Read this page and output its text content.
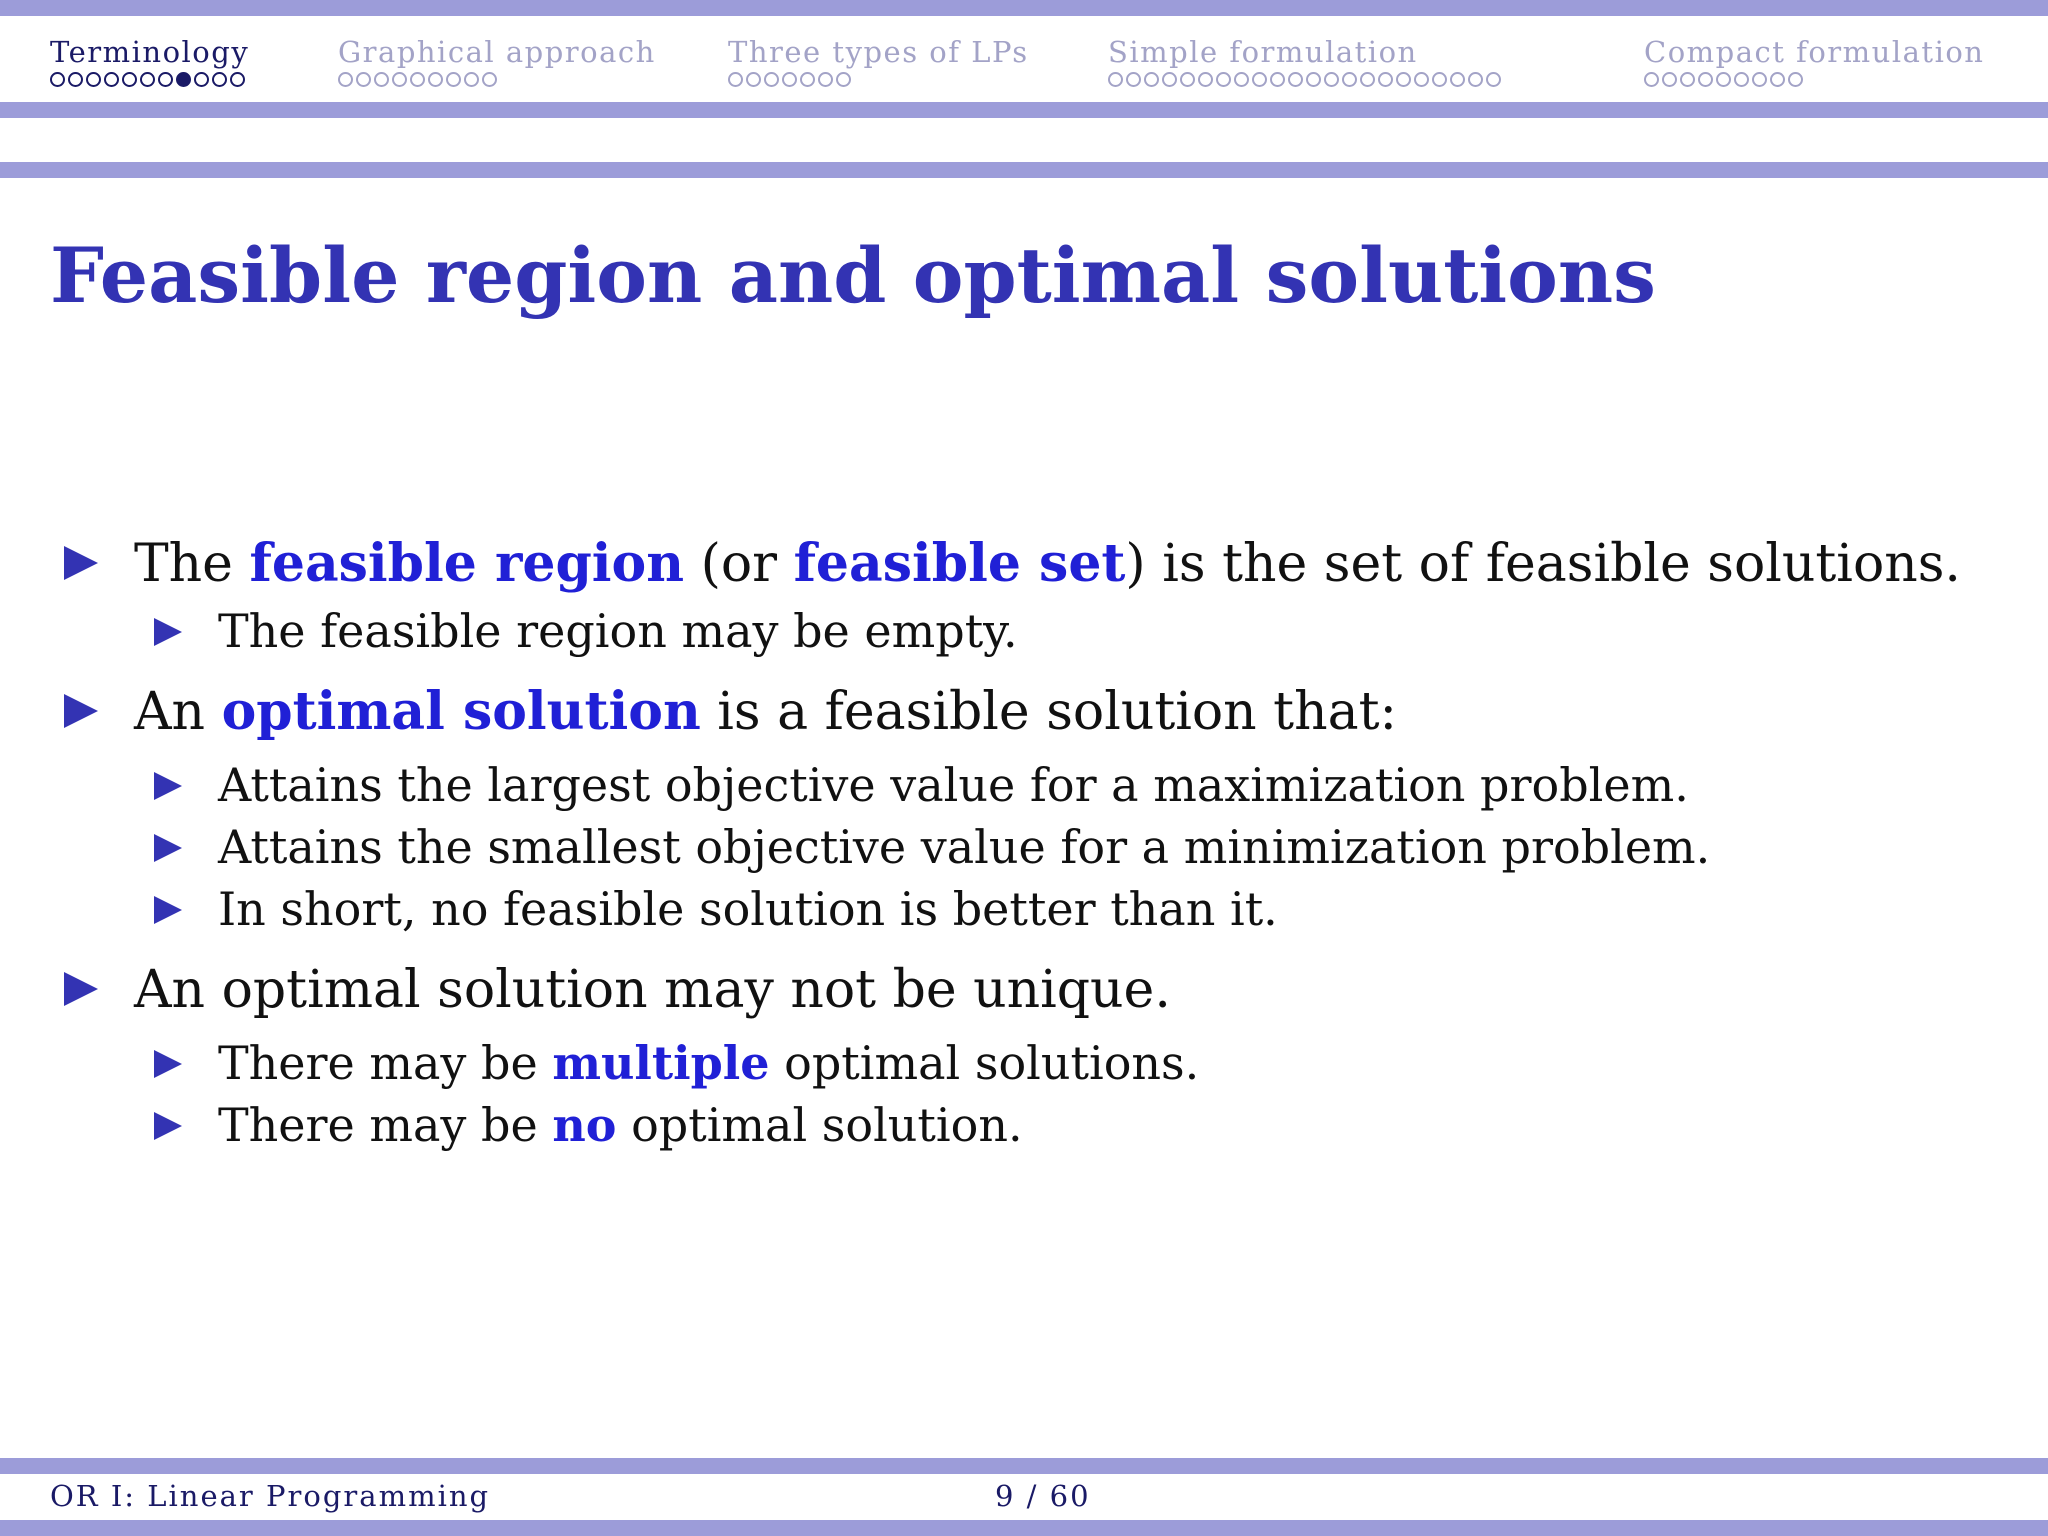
Terminology	Graphical approach Three types of LPs	Simple formulation	Compact formulation
Feasible region and optimal solutions
The feasible region (or feasible set) is the set of feasible solutions.
The feasible region may be empty.
An optimal solution is a feasible solution that:
Attains the largest objective value for a maximization problem.
Attains the smallest objective value for a minimization problem.
In short, no feasible solution is better than it.
An optimal solution may not be unique.
There may be multiple optimal solutions.
There may be no optimal solution.
OR I: Linear Programming	9 / 60
